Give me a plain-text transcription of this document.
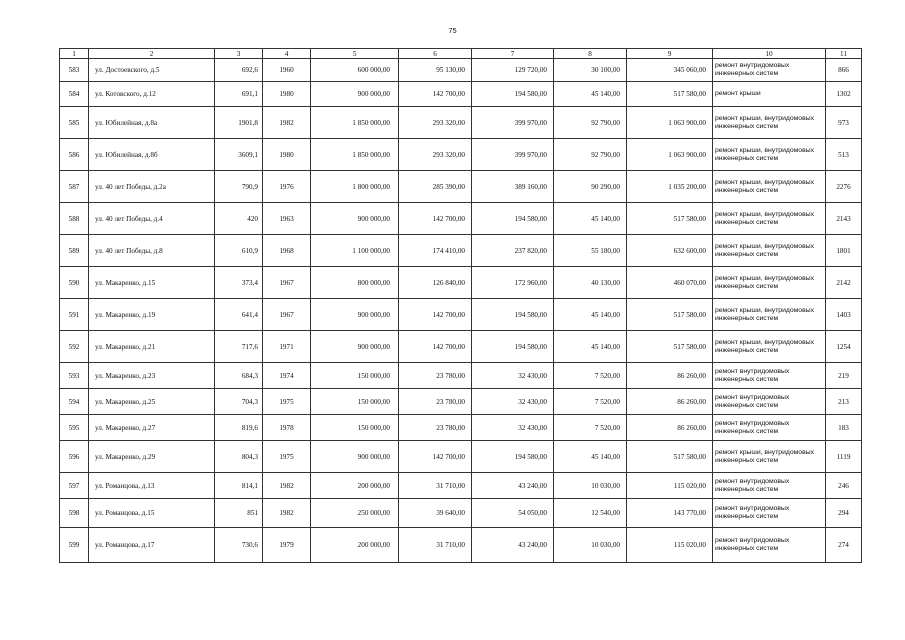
75
1	2	3	4	5	6	7	8	9	10	11
583	ул. Достоевского, д.5	692,6	1960	600 000,00	95 130,00	129 720,00	30 100,00	345 060,00	ремонт внутридомовых инженерных систем	866
584	ул. Котовского, д.12	691,1	1980	900 000,00	142 700,00	194 580,00	45 140,00	517 580,00	ремонт крыши	1302
585	ул. Юбилейная, д.8а	1901,8	1982	1 850 000,00	293 320,00	399 970,00	92 790,00	1 063 900,00	ремонт крыши, внутридомовых инженерных систем	973
586	ул. Юбилейная, д.8б	3609,1	1980	1 850 000,00	293 320,00	399 970,00	92 790,00	1 063 900,00	ремонт крыши, внутридомовых инженерных систем	513
587	ул. 40 лет Победы, д.2а	790,9	1976	1 800 000,00	285 390,00	389 160,00	90 290,00	1 035 200,00	ремонт крыши, внутридомовых инженерных систем	2276
588	ул. 40 лет Победы, д.4	420	1963	900 000,00	142 700,00	194 580,00	45 140,00	517 580,00	ремонт крыши, внутридомовых инженерных систем	2143
589	ул. 40 лет Победы, д.8	610,9	1968	1 100 000,00	174 410,00	237 820,00	55 180,00	632 600,00	ремонт крыши, внутридомовых инженерных систем	1801
590	ул. Макаренко, д.15	373,4	1967	800 000,00	126 840,00	172 960,00	40 130,00	460 070,00	ремонт крыши, внутридомовых инженерных систем	2142
591	ул. Макаренко, д.19	641,4	1967	900 000,00	142 700,00	194 580,00	45 140,00	517 580,00	ремонт крыши, внутридомовых инженерных систем	1403
592	ул. Макаренко, д.21	717,6	1971	900 000,00	142 700,00	194 580,00	45 140,00	517 580,00	ремонт крыши, внутридомовых инженерных систем	1254
593	ул. Макаренко, д.23	684,3	1974	150 000,00	23 780,00	32 430,00	7 520,00	86 260,00	ремонт внутридомовых инженерных систем	219
594	ул. Макаренко, д.25	704,3	1975	150 000,00	23 780,00	32 430,00	7 520,00	86 260,00	ремонт внутридомовых инженерных систем	213
595	ул. Макаренко, д.27	819,6	1978	150 000,00	23 780,00	32 430,00	7 520,00	86 260,00	ремонт внутридомовых инженерных систем	183
596	ул. Макаренко, д.29	804,3	1975	900 000,00	142 700,00	194 580,00	45 140,00	517 580,00	ремонт крыши, внутридомовых инженерных систем	1119
597	ул. Романцова, д.13	814,1	1982	200 000,00	31 710,00	43 240,00	10 030,00	115 020,00	ремонт внутридомовых инженерных систем	246
598	ул. Романцова, д.15	851	1982	250 000,00	39 640,00	54 050,00	12 540,00	143 770,00	ремонт внутридомовых инженерных систем	294
599	ул. Романцова, д.17	730,6	1979	200 000,00	31 710,00	43 240,00	10 030,00	115 020,00	ремонт внутридомовых инженерных систем	274
